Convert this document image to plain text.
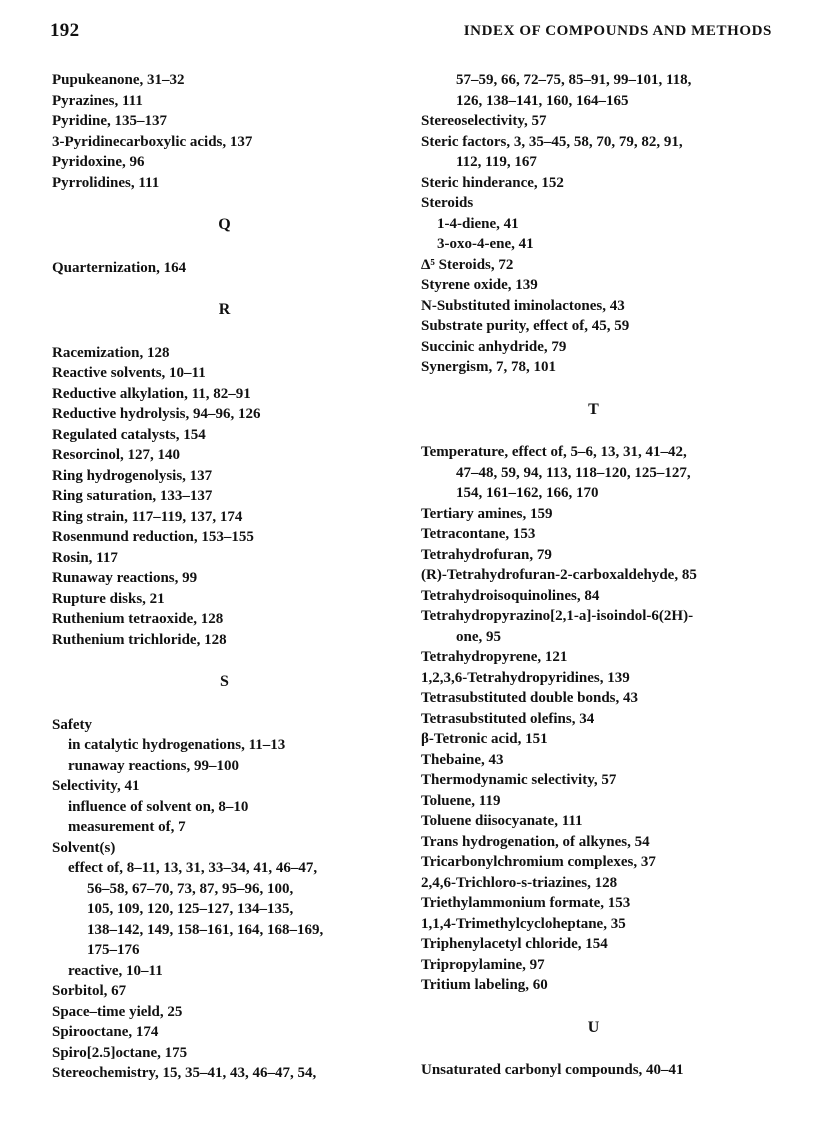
192	INDEX OF COMPOUNDS AND METHODS
Pupukeanone, 31–32
Pyrazines, 111
Pyridine, 135–137
3-Pyridinecarboxylic acids, 137
Pyridoxine, 96
Pyrrolidines, 111
Q
Quarternization, 164
R
Racemization, 128
Reactive solvents, 10–11
Reductive alkylation, 11, 82–91
Reductive hydrolysis, 94–96, 126
Regulated catalysts, 154
Resorcinol, 127, 140
Ring hydrogenolysis, 137
Ring saturation, 133–137
Ring strain, 117–119, 137, 174
Rosenmund reduction, 153–155
Rosin, 117
Runaway reactions, 99
Rupture disks, 21
Ruthenium tetraoxide, 128
Ruthenium trichloride, 128
S
Safety
in catalytic hydrogenations, 11–13
runaway reactions, 99–100
Selectivity, 41
influence of solvent on, 8–10
measurement of, 7
Solvent(s)
effect of, 8–11, 13, 31, 33–34, 41, 46–47,
56–58, 67–70, 73, 87, 95–96, 100,
105, 109, 120, 125–127, 134–135,
138–142, 149, 158–161, 164, 168–169,
175–176
reactive, 10–11
Sorbitol, 67
Space–time yield, 25
Spirooctane, 174
Spiro[2.5]octane, 175
Stereochemistry, 15, 35–41, 43, 46–47, 54,
57–59, 66, 72–75, 85–91, 99–101, 118,
126, 138–141, 160, 164–165
Stereoselectivity, 57
Steric factors, 3, 35–45, 58, 70, 79, 82, 91,
112, 119, 167
Steric hinderance, 152
Steroids
1-4-diene, 41
3-oxo-4-ene, 41
Δ⁵ Steroids, 72
Styrene oxide, 139
N-Substituted iminolactones, 43
Substrate purity, effect of, 45, 59
Succinic anhydride, 79
Synergism, 7, 78, 101
T
Temperature, effect of, 5–6, 13, 31, 41–42,
47–48, 59, 94, 113, 118–120, 125–127,
154, 161–162, 166, 170
Tertiary amines, 159
Tetracontane, 153
Tetrahydrofuran, 79
(R)-Tetrahydrofuran-2-carboxaldehyde, 85
Tetrahydroisoquinolines, 84
Tetrahydropyrazino[2,1-a]-isoindol-6(2H)-
one, 95
Tetrahydropyrene, 121
1,2,3,6-Tetrahydropyridines, 139
Tetrasubstituted double bonds, 43
Tetrasubstituted olefins, 34
β-Tetronic acid, 151
Thebaine, 43
Thermodynamic selectivity, 57
Toluene, 119
Toluene diisocyanate, 111
Trans hydrogenation, of alkynes, 54
Tricarbonylchromium complexes, 37
2,4,6-Trichloro-s-triazines, 128
Triethylammonium formate, 153
1,1,4-Trimethylcycloheptane, 35
Triphenylacetyl chloride, 154
Tripropylamine, 97
Tritium labeling, 60
U
Unsaturated carbonyl compounds, 40–41
